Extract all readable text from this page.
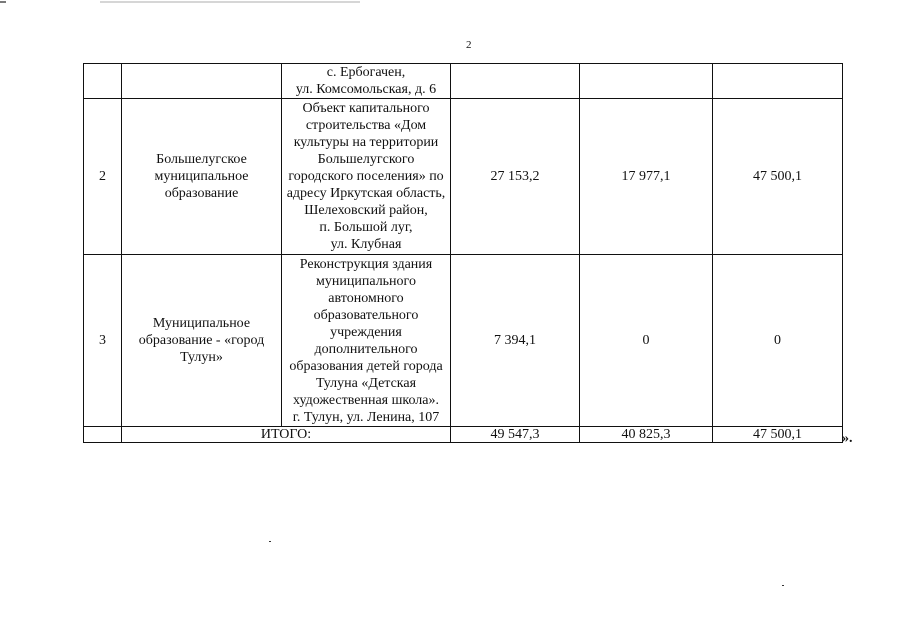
2

		с. Ербогачен,
ул. Комсомольская, д. 6			

2	Большелугское муниципальное образование	Объект капитального строительства «Дом культуры на территории Большелугского городского поселения» по адресу Иркутская область, Шелеховский район,
п. Большой луг,
ул. Клубная	27 153,2	17 977,1	47 500,1
3	Муниципальное образование - «город Тулун»	Реконструкция здания муниципального автономного образовательного учреждения дополнительного образования детей города Тулуна «Детская художественная школа».
г. Тулун, ул. Ленина, 107	7 394,1	0	0
	ИТОГО:		49 547,3	40 825,3	47 500,1	».
